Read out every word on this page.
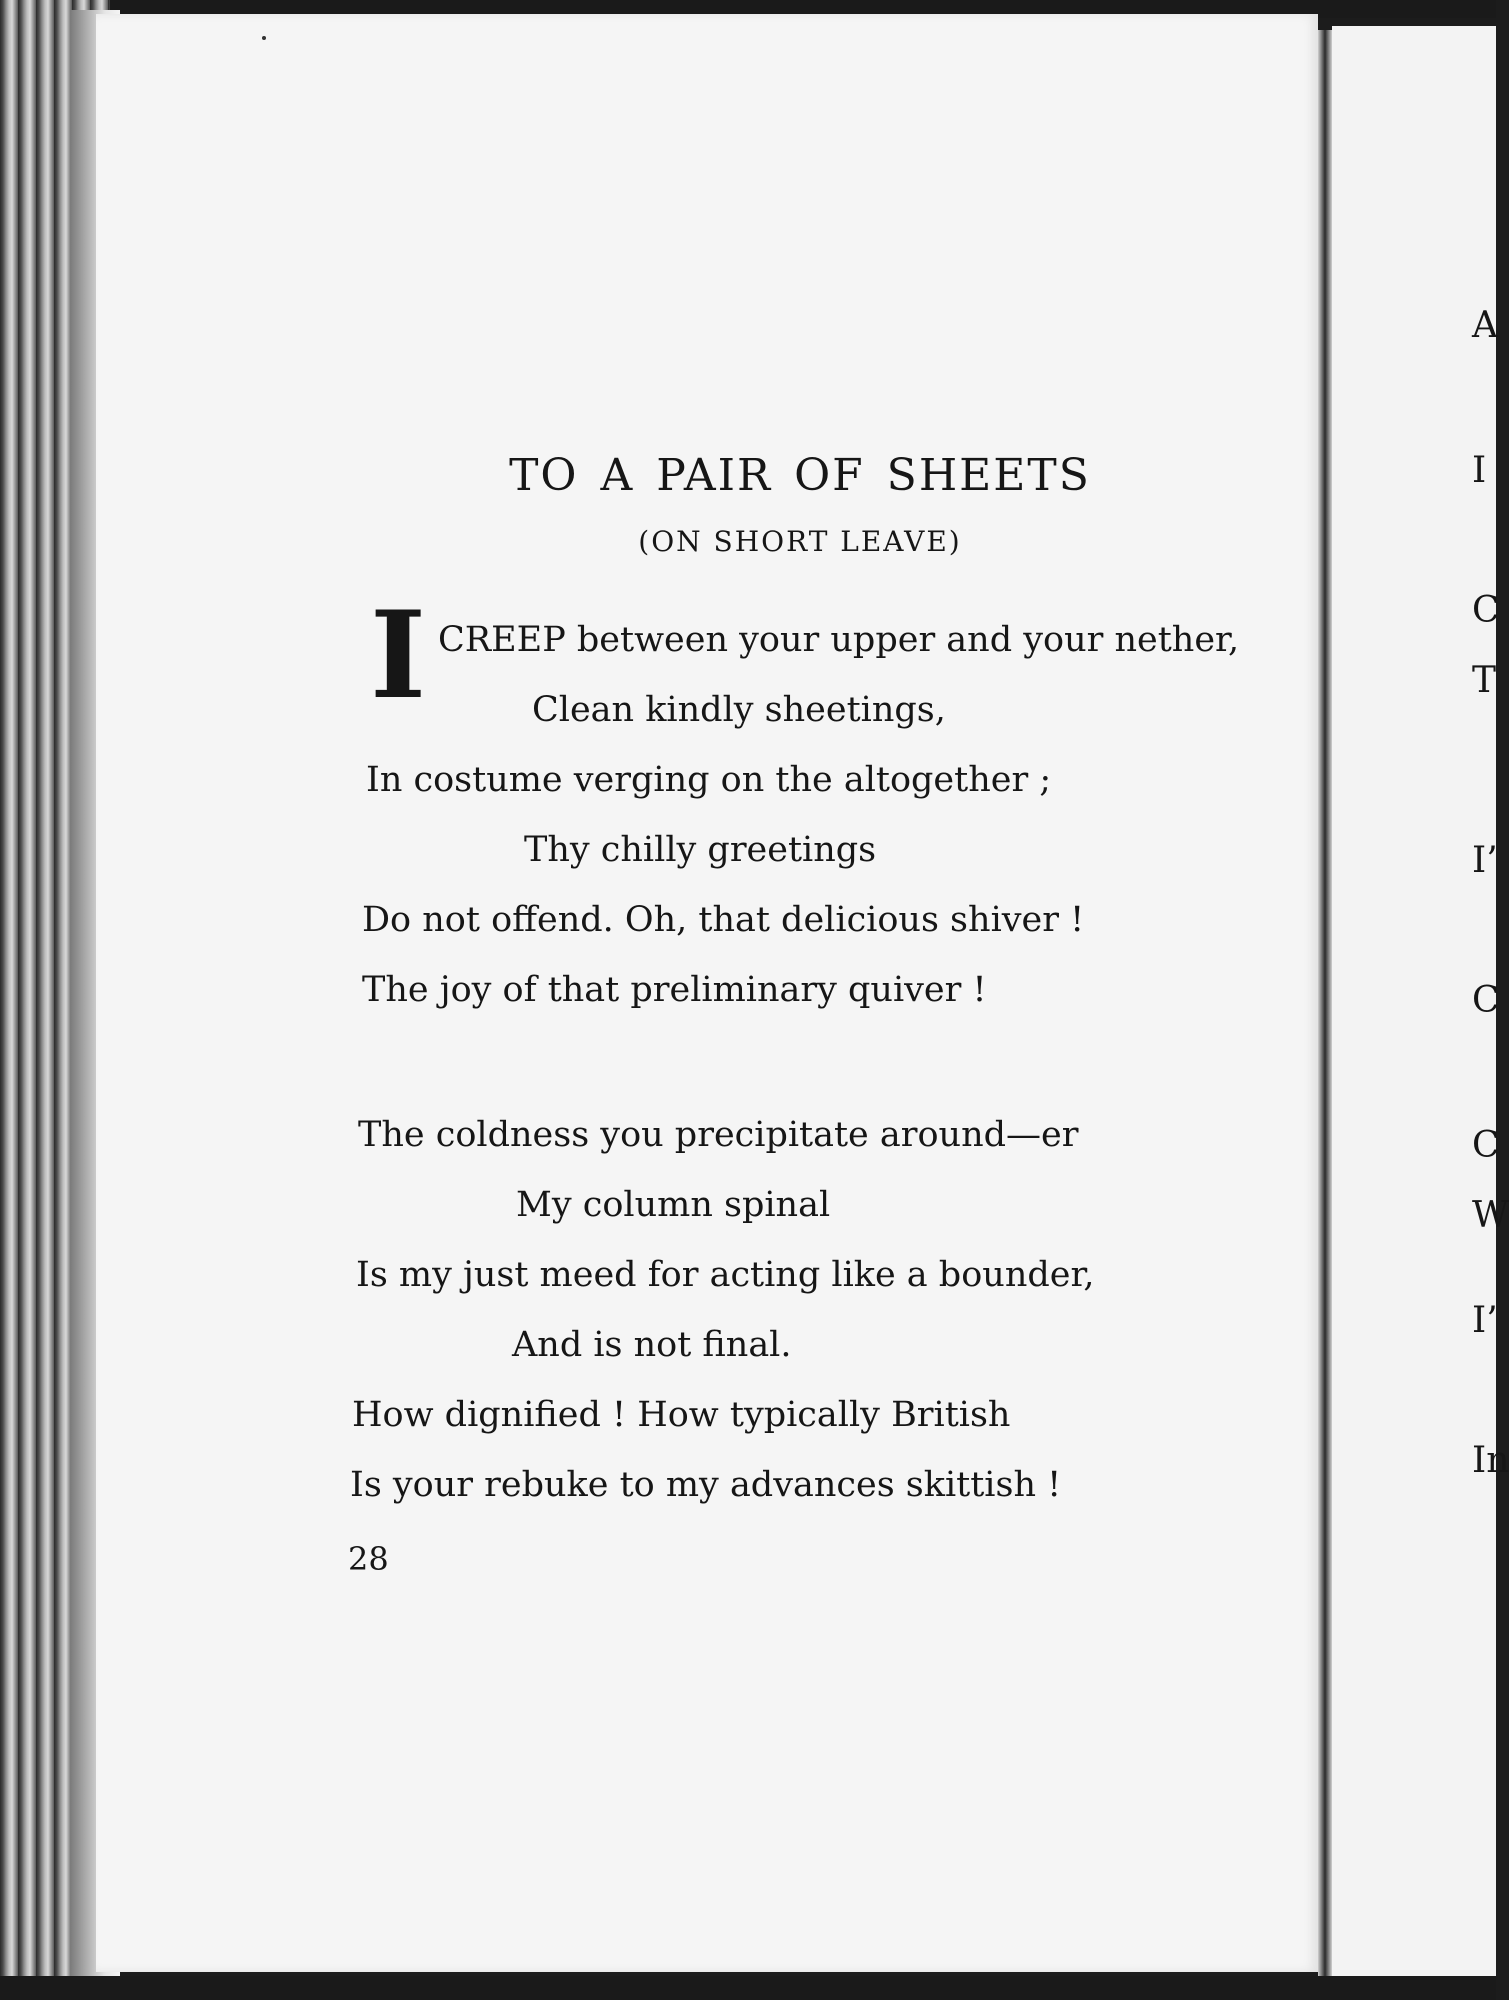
TO A PAIR OF SHEETS
(ON SHORT LEAVE)
I CREEP between your upper and your nether,
Clean kindly sheetings,
In costume verging on the altogether ;
Thy chilly greetings
Do not offend. Oh, that delicious shiver !
The joy of that preliminary quiver !
The coldness you precipitate around—er
My column spinal
Is my just meed for acting like a bounder,
And is not final.
How dignified ! How typically British
Is your rebuke to my advances skittish !
28
A
I
C
T
I’
C
C
W
I’
In
